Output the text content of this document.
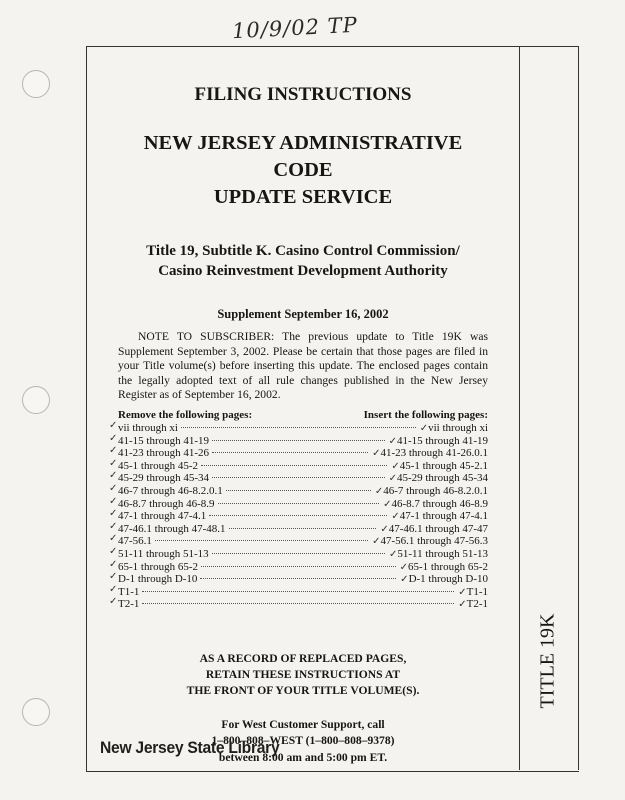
10/9/02 TP
TITLE 19K

FILING INSTRUCTIONS

NEW JERSEY ADMINISTRATIVE CODE
UPDATE SERVICE

Title 19, Subtitle K. Casino Control Commission/
Casino Reinvestment Development Authority

Supplement September 16, 2002

NOTE TO SUBSCRIBER: The previous update to Title 19K was Supplement September 3, 2002. Please be certain that those pages are filed in your Title volume(s) before inserting this update. The enclosed pages contain the legally adopted text of all rule changes published in the New Jersey Register as of September 16, 2002.

Remove the following pages:	Insert the following pages:
✓ vii through xi	✓ vii through xi
✓ 41-15 through 41-19	✓ 41-15 through 41-19
✓ 41-23 through 41-26	✓ 41-23 through 41-26.0.1
✓ 45-1 through 45-2	✓ 45-1 through 45-2.1
✓ 45-29 through 45-34	✓ 45-29 through 45-34
✓ 46-7 through 46-8.2.0.1	✓ 46-7 through 46-8.2.0.1
✓ 46-8.7 through 46-8.9	✓ 46-8.7 through 46-8.9
✓ 47-1 through 47-4.1	✓ 47-1 through 47-4.1
✓ 47-46.1 through 47-48.1	✓ 47-46.1 through 47-47
✓ 47-56.1	✓ 47-56.1 through 47-56.3
✓ 51-11 through 51-13	✓ 51-11 through 51-13
✓ 65-1 through 65-2	✓ 65-1 through 65-2
✓ D-1 through D-10	✓ D-1 through D-10
✓ T1-1	✓ T1-1
✓ T2-1	✓ T2-1
AS A RECORD OF REPLACED PAGES,
RETAIN THESE INSTRUCTIONS AT
THE FRONT OF YOUR TITLE VOLUME(S).
For West Customer Support, call
1–800–808–WEST (1–800–808–9378)
between 8:00 am and 5:00 pm ET.
New Jersey State Library
